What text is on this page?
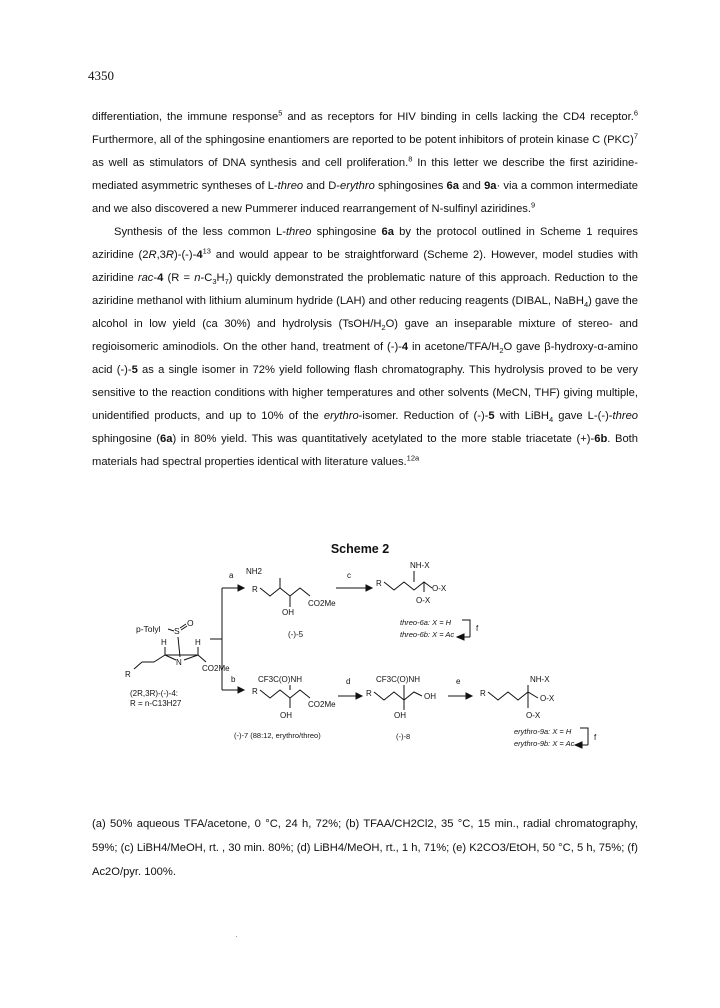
4350

differentiation, the immune response$^5$ and as receptors for HIV binding in cells lacking the CD4 receptor.$^6$ Furthermore, all of the sphingosine enantiomers are reported to be potent inhibitors of protein kinase C (PKC)$^7$ as well as stimulators of DNA synthesis and cell proliferation.$^8$ In this letter we describe the first aziridine-mediated asymmetric syntheses of L-threo and D-erythro sphingosines 6a and 9a· via a common intermediate and we also discovered a new Pummerer induced rearrangement of N-sulfinyl aziridines.$^9$

Synthesis of the less common L-threo sphingosine 6a by the protocol outlined in Scheme 1 requires aziridine $(2R,3R)-(-)-4^{13}$ and would appear to be straightforward (Scheme 2). However, model studies with aziridine rac-4 $(R = n-C_3H_7)$ quickly demonstrated the problematic nature of this approach. Reduction to the aziridine methanol with lithium aluminum hydride (LAH) and other reducing reagents (DIBAL, NaBH$_4$) gave the alcohol in low yield (ca 30%) and hydrolysis $(TsOH/H_2O)$ gave an inseparable mixture of stereo- and regioisomeric aminodiols. On the other hand, treatment of (-)-4 in acetone/$TFA/H_2O$ gave β-hydroxy-α-amino acid (-)-5 as a single isomer in 72% yield following flash chromatography. This hydrolysis proved to be very sensitive to the reaction conditions with higher temperatures and other solvents (MeCN, THF) giving multiple, unidentified products, and up to 10% of the erythro-isomer. Reduction of (-)-5 with LiBH$_4$ gave L-(-)-threo sphingosine (6a) in 80% yield. This was quantitatively acetylated to the more stable triacetate (+)-6b. Both materials had spectral properties identical with literature values.$^{12a}$

Scheme 2
p-Tolyl S
O
H	H
N
CO2Me
R
(2R,3R)-(-)-4:
R = n-C13H27
a
b
NH2
R
CO2Me
OH
(-)-5
c
NH-X
R
O-X
O-X
threo-6a: X = H
threo-6b: X = Ac
f
CF3C(O)NH
R
CO2Me
OH
(-)-7 (88:12, erythro/threo)
d	CF3C(O)NH
R	OH
OH
(-)-8
e	NH-X
R
O-X
O-X
erythro-9a: X = H
erythro-9b: X = Ac
f

(a) 50% aqueous TFA/acetone, 0 °C, 24 h, 72%; (b) TFAA/CH2Cl2, 35 °C, 15 min., radial chromatography, 59%; (c) LiBH4/MeOH, rt. , 30 min. 80%; (d) LiBH4/MeOH, rt., 1 h, 71%; (e) K2CO3/EtOH, 50 °C, 5 h, 75%; (f) Ac2O/pyr. 100%.
